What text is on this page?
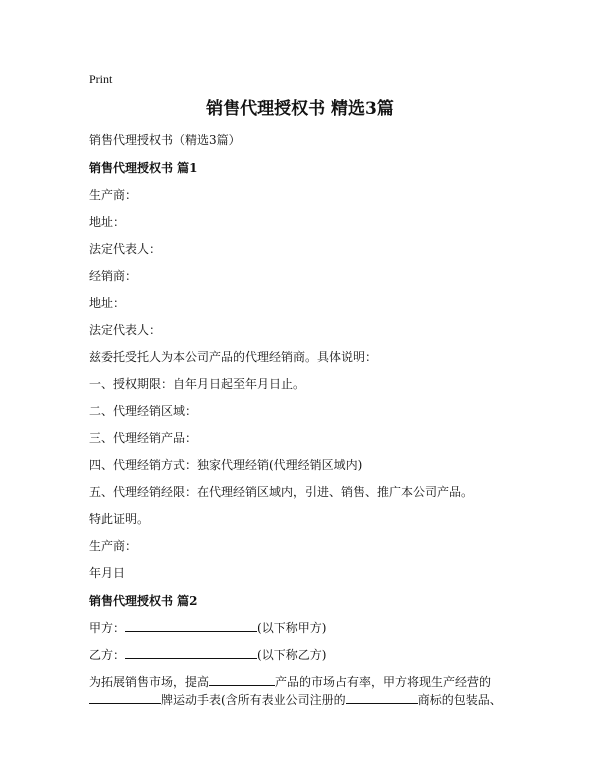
Print
销售代理授权书 精选3篇
销售代理授权书（精选3篇）
销售代理授权书 篇1
生产商：
地址：
法定代表人：
经销商：
地址：
法定代表人：
兹委托受托人为本公司产品的代理经销商。具体说明：
一、授权期限：自年月日起至年月日止。
二、代理经销区域：
三、代理经销产品：
四、代理经销方式：独家代理经销(代理经销区域内)
五、代理经销经限：在代理经销区域内，引进、销售、推广本公司产品。
特此证明。
生产商：
年月日
销售代理授权书 篇2
甲方：	(以下称甲方)
乙方：	(以下称乙方)
为拓展销售市场，提高	产品的市场占有率，甲方将现生产经营的
牌运动手表(含所有表业公司注册的	商标的包装品、
